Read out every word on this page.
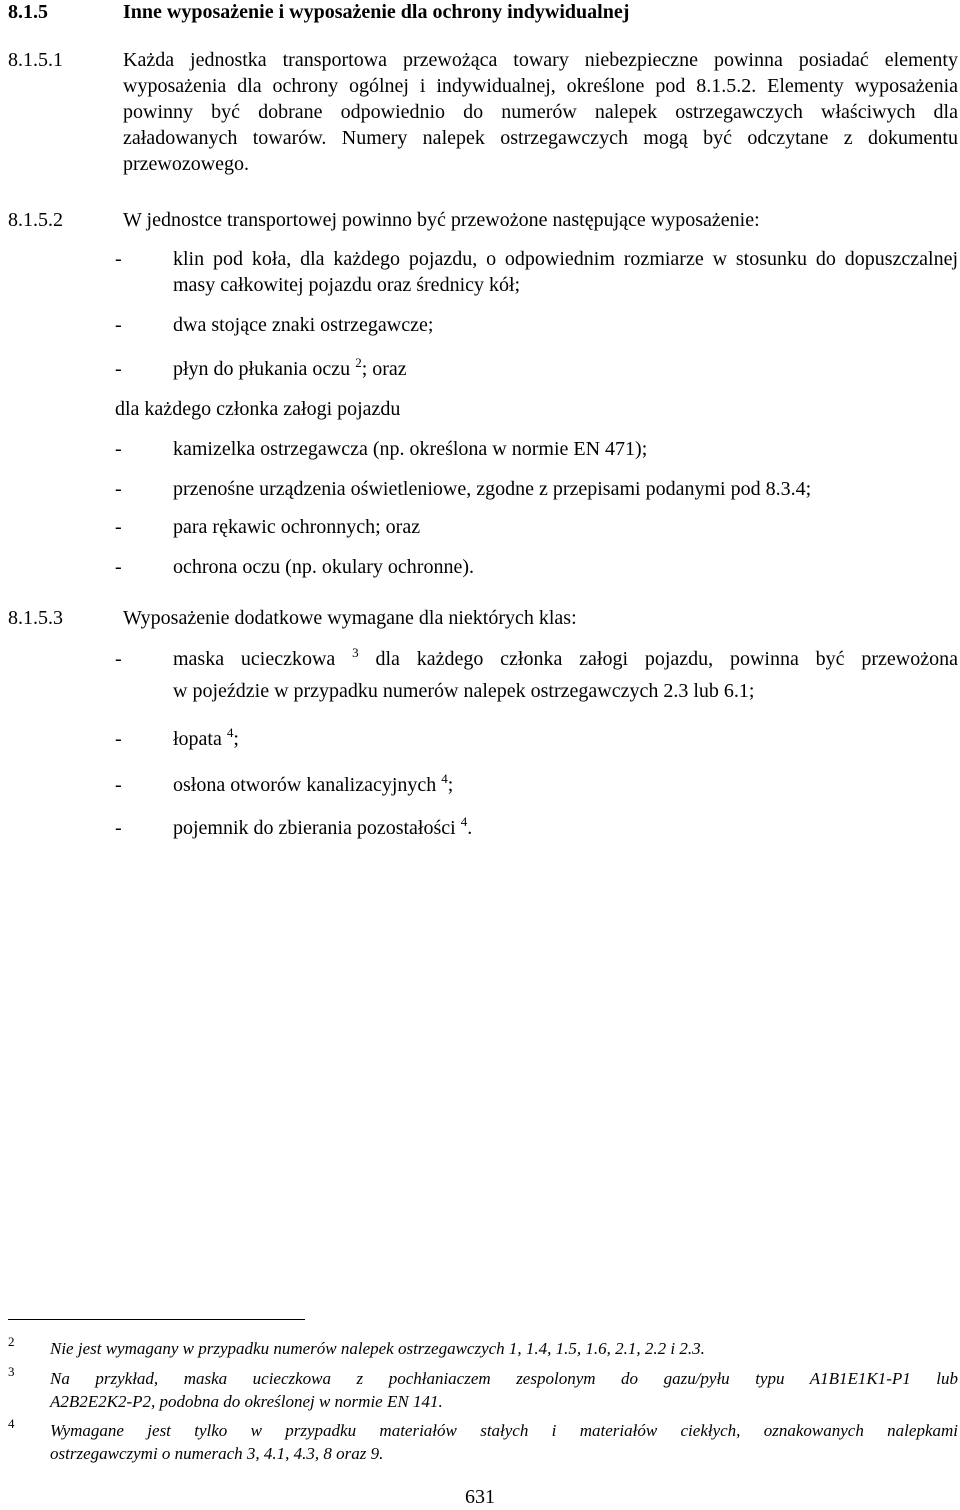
8.1.5	Inne wyposażenie i wyposażenie dla ochrony indywidualnej
8.1.5.1	Każda jednostka transportowa przewożąca towary niebezpieczne powinna posiadać elementy wyposażenia dla ochrony ogólnej i indywidualnej, określone pod 8.1.5.2. Elementy wyposażenia powinny być dobrane odpowiednio do numerów nalepek ostrzegawczych właściwych dla załadowanych towarów. Numery nalepek ostrzegawczych mogą być odczytane z dokumentu przewozowego.
8.1.5.2	W jednostce transportowej powinno być przewożone następujące wyposażenie:
-	klin pod koła, dla każdego pojazdu, o odpowiednim rozmiarze w stosunku do dopuszczalnej masy całkowitej pojazdu oraz średnicy kół;
-	dwa stojące znaki ostrzegawcze;
-	płyn do płukania oczu $^2$; oraz
dla każdego członka załogi pojazdu
-	kamizelka ostrzegawcza (np. określona w normie EN 471);
-	przenośne urządzenia oświetleniowe, zgodne z przepisami podanymi pod 8.3.4;
-	para rękawic ochronnych; oraz
-	ochrona oczu (np. okulary ochronne).
8.1.5.3	Wyposażenie dodatkowe wymagane dla niektórych klas:
-	maska ucieczkowa $^3$ dla każdego członka załogi pojazdu, powinna być przewożona
w pojeździe w przypadku numerów nalepek ostrzegawczych 2.3 lub 6.1;
-	łopata $^4$;
-	osłona otworów kanalizacyjnych $^4$;
-	pojemnik do zbierania pozostałości $^4$.
2 Nie jest wymagany w przypadku numerów nalepek ostrzegawczych 1, 1.4, 1.5, 1.6, 2.1, 2.2 i 2.3.
3 Na przykład, maska ucieczkowa z pochłaniaczem zespolonym do gazu/pyłu typu A1B1E1K1-P1 lub
A2B2E2K2-P2, podobna do określonej w normie EN 141.
4 Wymagane jest tylko w przypadku materiałów stałych i materiałów ciekłych, oznakowanych nalepkami
ostrzegawczymi o numerach 3, 4.1, 4.3, 8 oraz 9.
631
